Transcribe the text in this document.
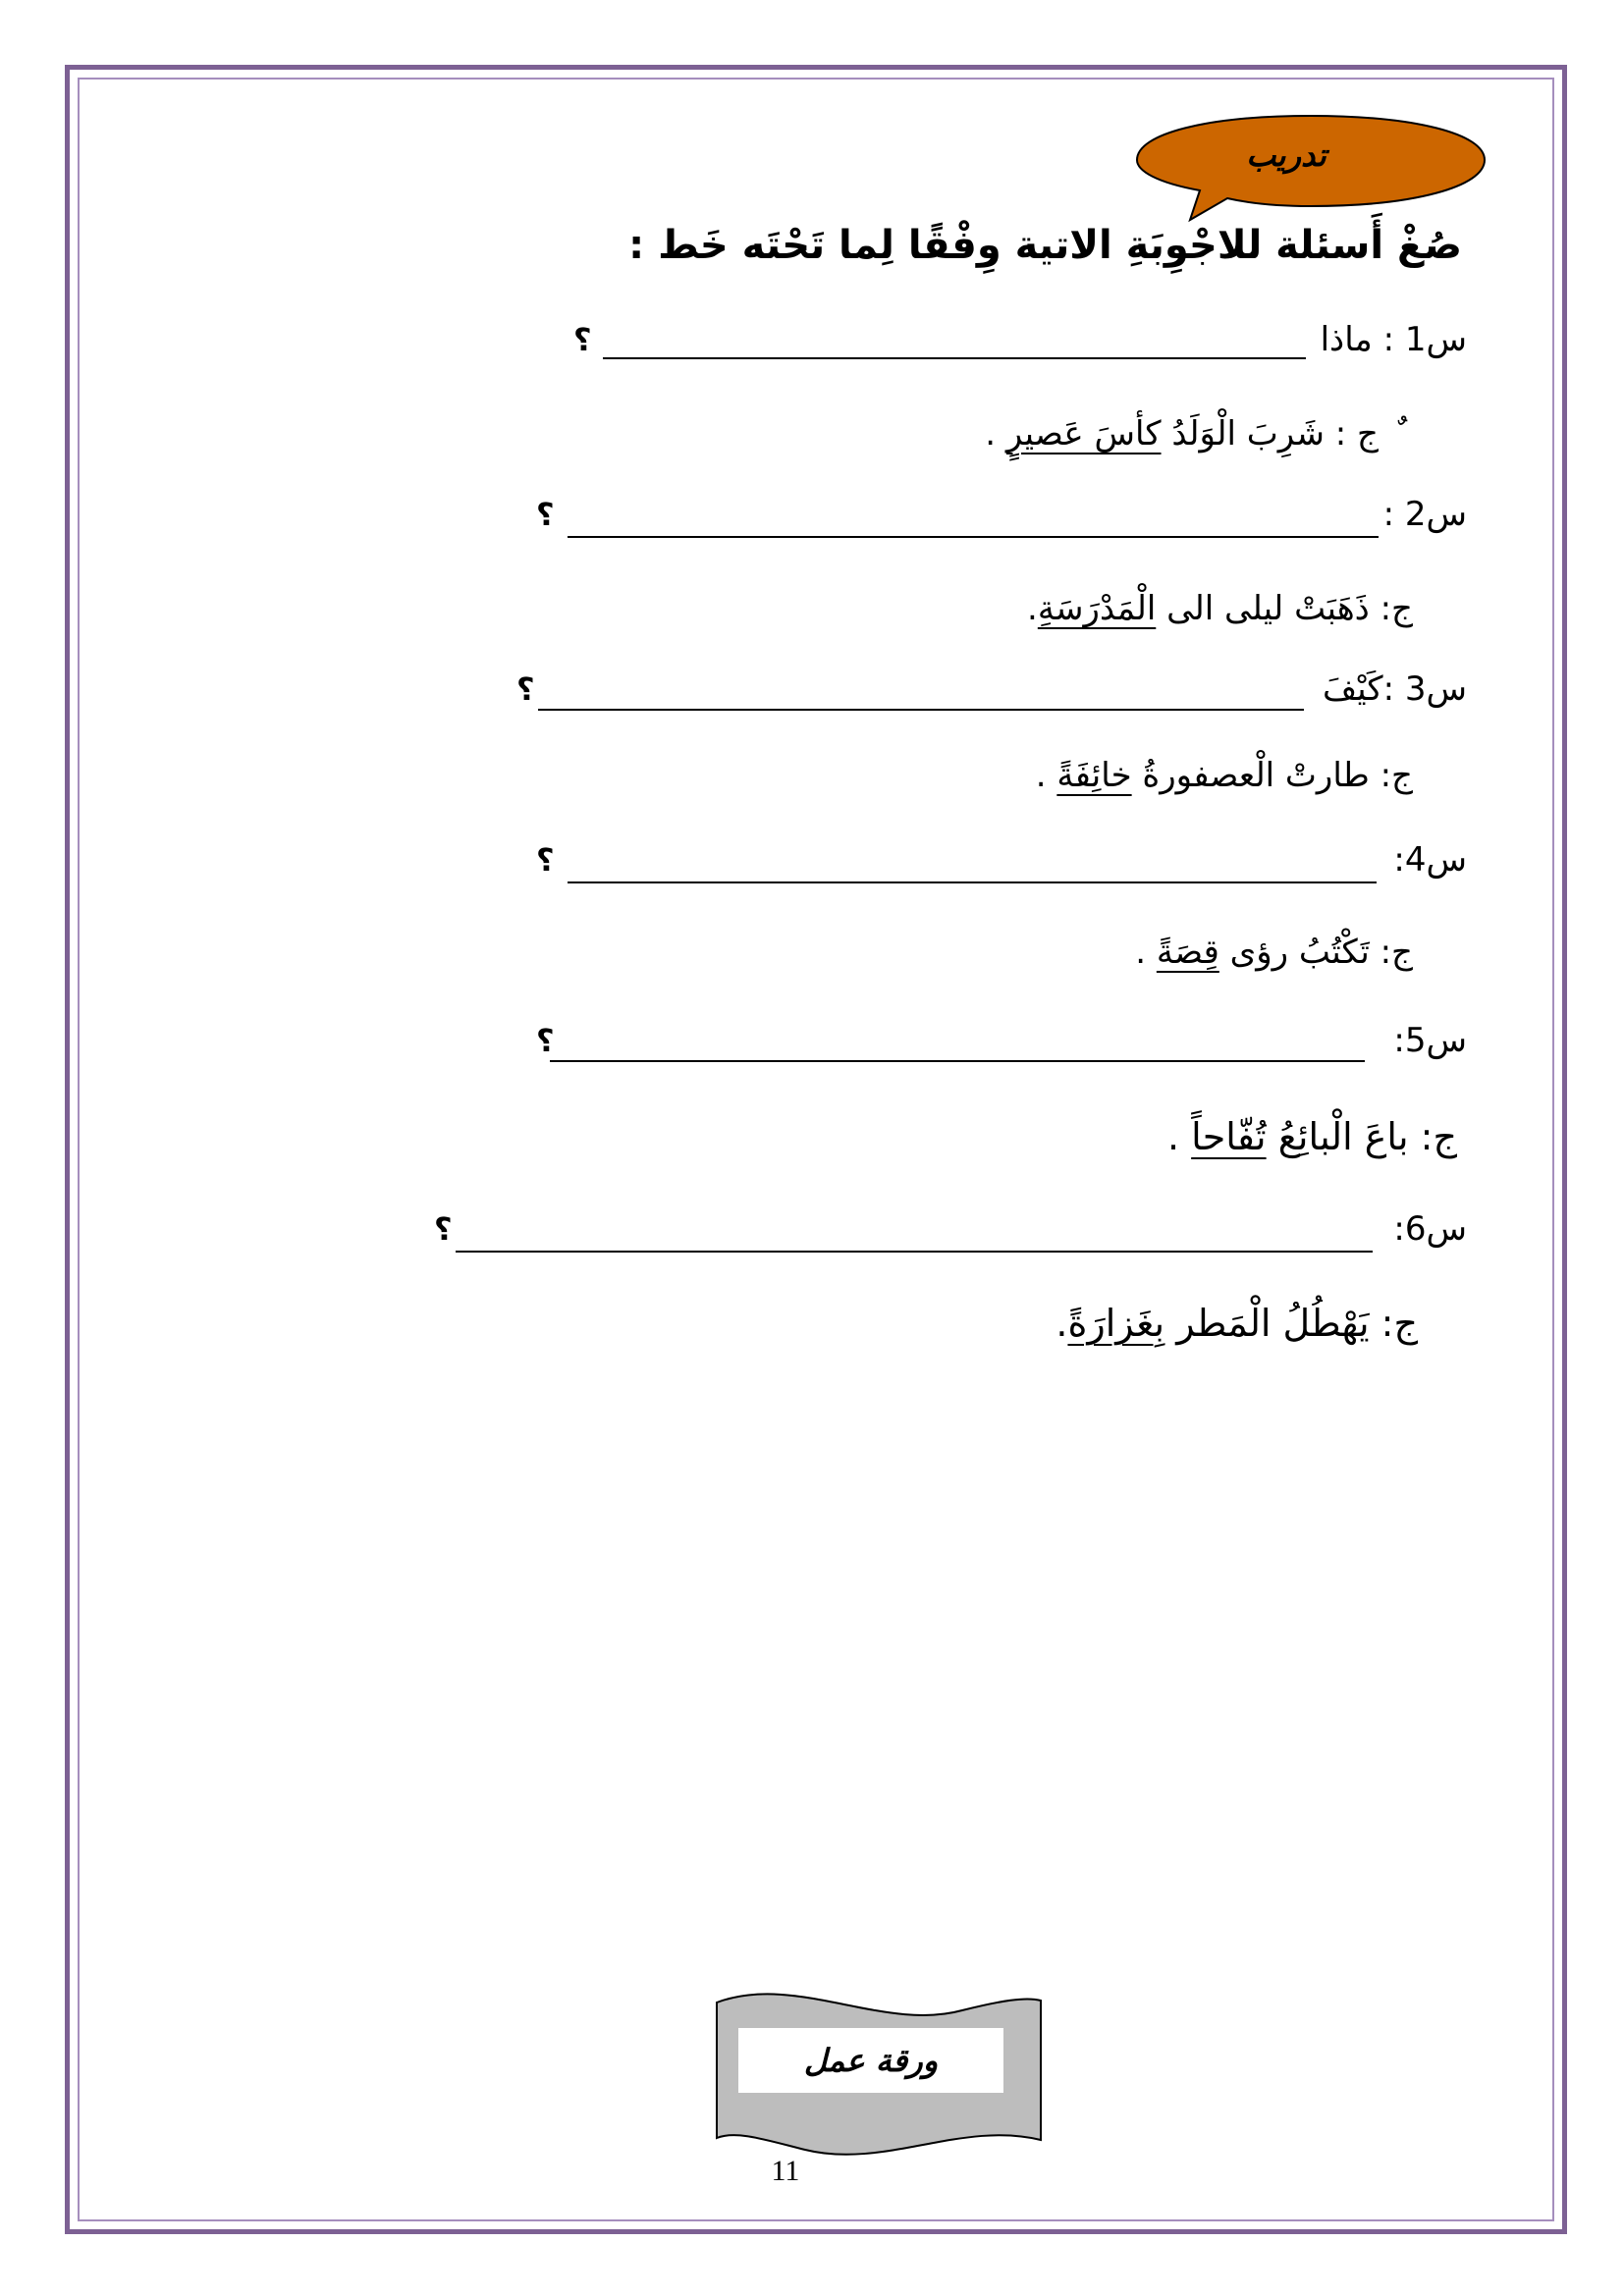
تدريب
صُغْ أَسئلة للاجْوِبَةِ الاتية وِفْقًا لِما تَحْتَه خَط :
س1 : ماذا
؟
ج : شَرِبَ الْوَلَدُ كأسَ عَصيرٍ .
س2 :
؟
ج: ذَهَبَتْ ليلى الى الْمَدْرَسَةِ.
س3 :كَيْفَ
؟
ج: طارتْ الْعصفورةُ خائِفَةً .
س4:
؟
ج: تَكْتُبُ رؤى قِصَةً .
س5:
؟
ج: باعَ الْبائِعُ تُفّاحاً .
س6:
؟
ج: يَهْطُلُ الْمَطر بِغَزارَةً.
ورقة عمل
11
